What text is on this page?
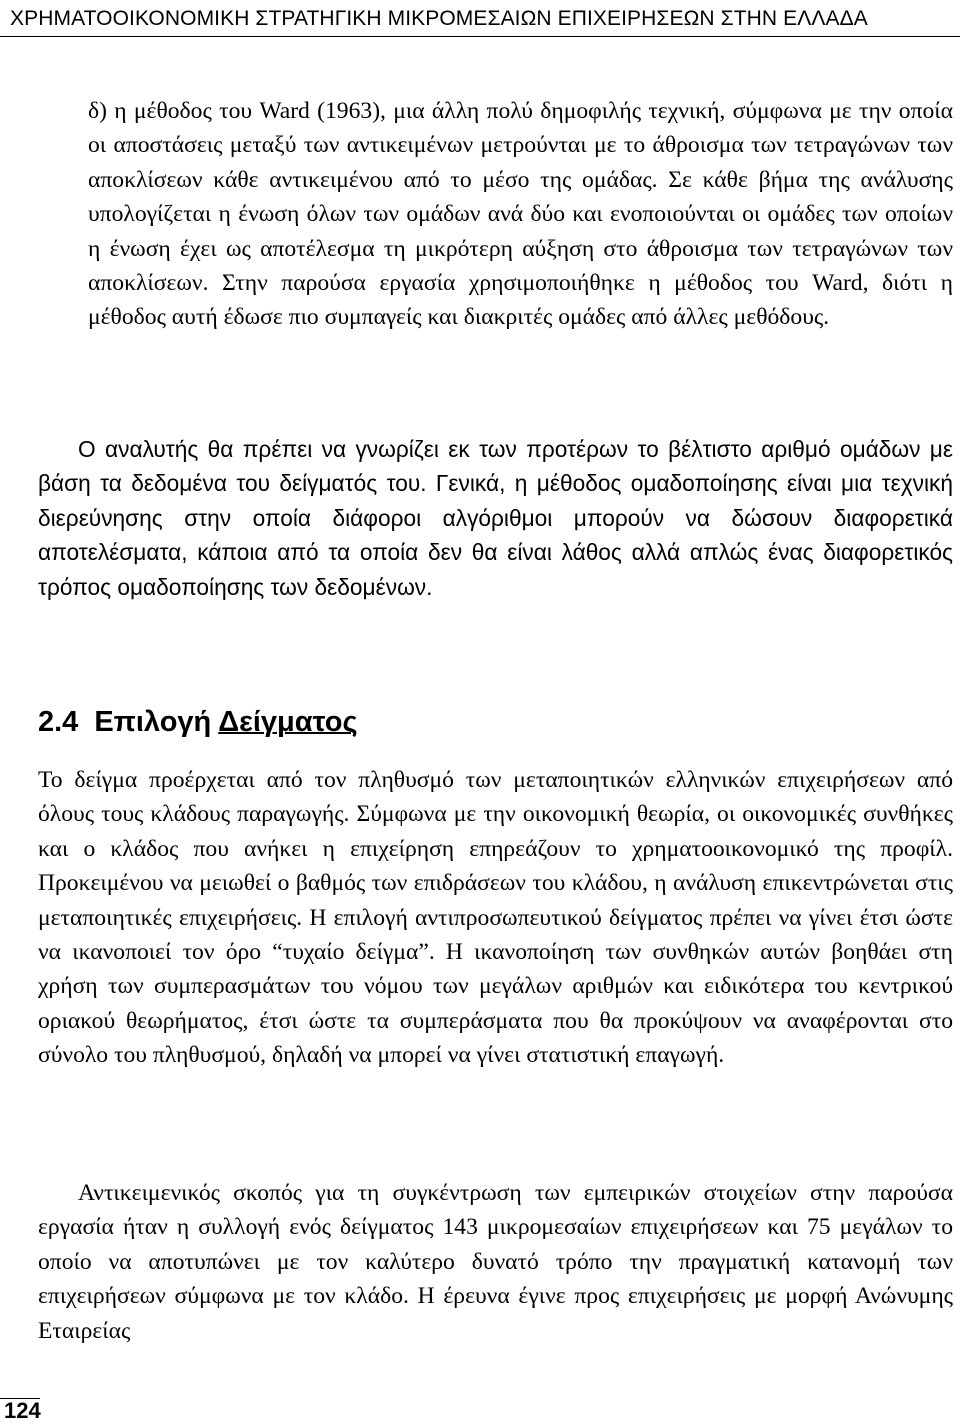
ΧΡΗΜΑΤΟΟΙΚΟΝΟΜΙΚΗ ΣΤΡΑΤΗΓΙΚΗ ΜΙΚΡΟΜΕΣΑΙΩΝ ΕΠΙΧΕΙΡΗΣΕΩΝ ΣΤΗΝ ΕΛΛΑΔΑ

δ) η μέθοδος του Ward (1963), μια άλλη πολύ δημοφιλής τεχνική, σύμφωνα με την οποία οι αποστάσεις μεταξύ των αντικειμένων μετρούνται με το άθροισμα των τετραγώνων των αποκλίσεων κάθε αντικειμένου από το μέσο της ομάδας. Σε κάθε βήμα της ανάλυσης υπολογίζεται η ένωση όλων των ομάδων ανά δύο και ενοποιούνται οι ομάδες των οποίων η ένωση έχει ως αποτέλεσμα τη μικρότερη αύξηση στο άθροισμα των τετραγώνων των αποκλίσεων. Στην παρούσα εργασία χρησιμοποιήθηκε η μέθοδος του Ward, διότι η μέθοδος αυτή έδωσε πιο συμπαγείς και διακριτές ομάδες από άλλες μεθόδους.

Ο αναλυτής θα πρέπει να γνωρίζει εκ των προτέρων το βέλτιστο αριθμό ομάδων με βάση τα δεδομένα του δείγματός του. Γενικά, η μέθοδος ομαδοποίησης είναι μια τεχνική διερεύνησης στην οποία διάφοροι αλγόριθμοι μπορούν να δώσουν διαφορετικά αποτελέσματα, κάποια από τα οποία δεν θα είναι λάθος αλλά απλώς ένας διαφορετικός τρόπος ομαδοποίησης των δεδομένων.

2.4 Επιλογή Δείγματος

Το δείγμα προέρχεται από τον πληθυσμό των μεταποιητικών ελληνικών επιχειρήσεων από όλους τους κλάδους παραγωγής. Σύμφωνα με την οικονομική θεωρία, οι οικονομικές συνθήκες και ο κλάδος που ανήκει η επιχείρηση επηρεάζουν το χρηματοοικονομικό της προφίλ. Προκειμένου να μειωθεί ο βαθμός των επιδράσεων του κλάδου, η ανάλυση επικεντρώνεται στις μεταποιητικές επιχειρήσεις. Η επιλογή αντιπροσωπευτικού δείγματος πρέπει να γίνει έτσι ώστε να ικανοποιεί τον όρο “τυχαίο δείγμα”. Η ικανοποίηση των συνθηκών αυτών βοηθάει στη χρήση των συμπερασμάτων του νόμου των μεγάλων αριθμών και ειδικότερα του κεντρικού οριακού θεωρήματος, έτσι ώστε τα συμπεράσματα που θα προκύψουν να αναφέρονται στο σύνολο του πληθυσμού, δηλαδή να μπορεί να γίνει στατιστική επαγωγή.

Αντικειμενικός σκοπός για τη συγκέντρωση των εμπειρικών στοιχείων στην παρούσα εργασία ήταν η συλλογή ενός δείγματος 143 μικρομεσαίων επιχειρήσεων και 75 μεγάλων το οποίο να αποτυπώνει με τον καλύτερο δυνατό τρόπο την πραγματική κατανομή των επιχειρήσεων σύμφωνα με τον κλάδο. Η έρευνα έγινε προς επιχειρήσεις με μορφή Ανώνυμης Εταιρείας

124
